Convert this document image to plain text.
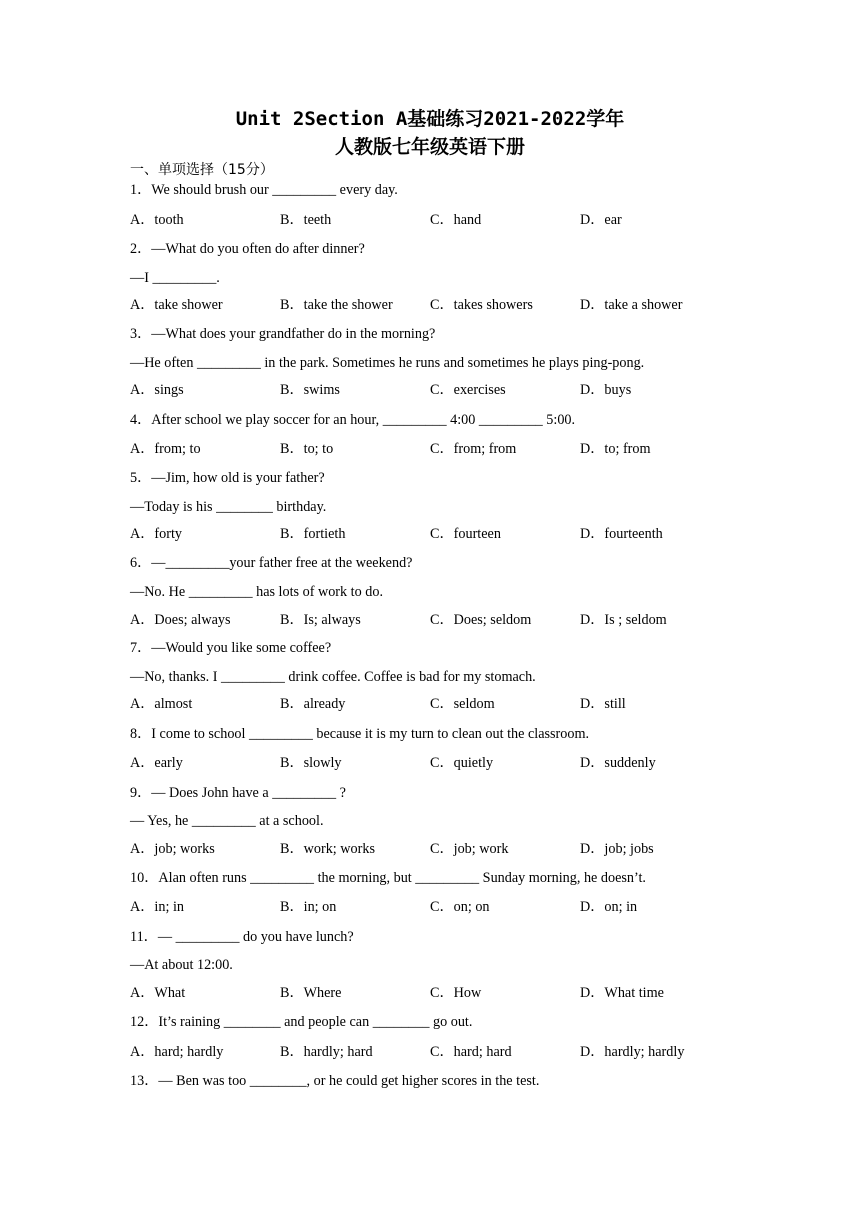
Unit 2Section A基础练习2021-2022学年
人教版七年级英语下册
一、单项选择（15分）
1．We should brush our _________ every day.
A．tooth	B．teeth	C．hand	D．ear
2．—What do you often do after dinner?
—I _________.
A．take shower	B．take the shower	C．takes showers	D．take a shower
3．—What does your grandfather do in the morning?
—He often _________ in the park. Sometimes he runs and sometimes he plays ping-pong.
A．sings	B．swims	C．exercises	D．buys
4．After school we play soccer for an hour, _________ 4:00 _________ 5:00.
A．from; to	B．to; to	C．from; from	D．to; from
5．—Jim, how old is your father?
—Today is his ________ birthday.
A．forty	B．fortieth	C．fourteen	D．fourteenth
6．—_________your father free at the weekend?
—No. He _________ has lots of work to do.
A．Does; always	B．Is; always	C．Does; seldom	D．Is ; seldom
7．—Would you like some coffee?
—No, thanks. I _________ drink coffee. Coffee is bad for my stomach.
A．almost	B．already	C．seldom	D．still
8．I come to school _________ because it is my turn to clean out the classroom.
A．early	B．slowly	C．quietly	D．suddenly
9．— Does John have a _________ ?
— Yes, he _________ at a school.
A．job; works	B．work; works	C．job; work	D．job; jobs
10．Alan often runs _________ the morning, but _________ Sunday morning, he doesn’t.
A．in; in	B．in; on	C．on; on	D．on; in
11．— _________ do you have lunch?
—At about 12:00.
A．What	B．Where	C．How	D．What time
12．It’s raining ________ and people can ________ go out.
A．hard; hardly	B．hardly; hard	C．hard; hard	D．hardly; hardly
13．— Ben was too ________, or he could get higher scores in the test.
